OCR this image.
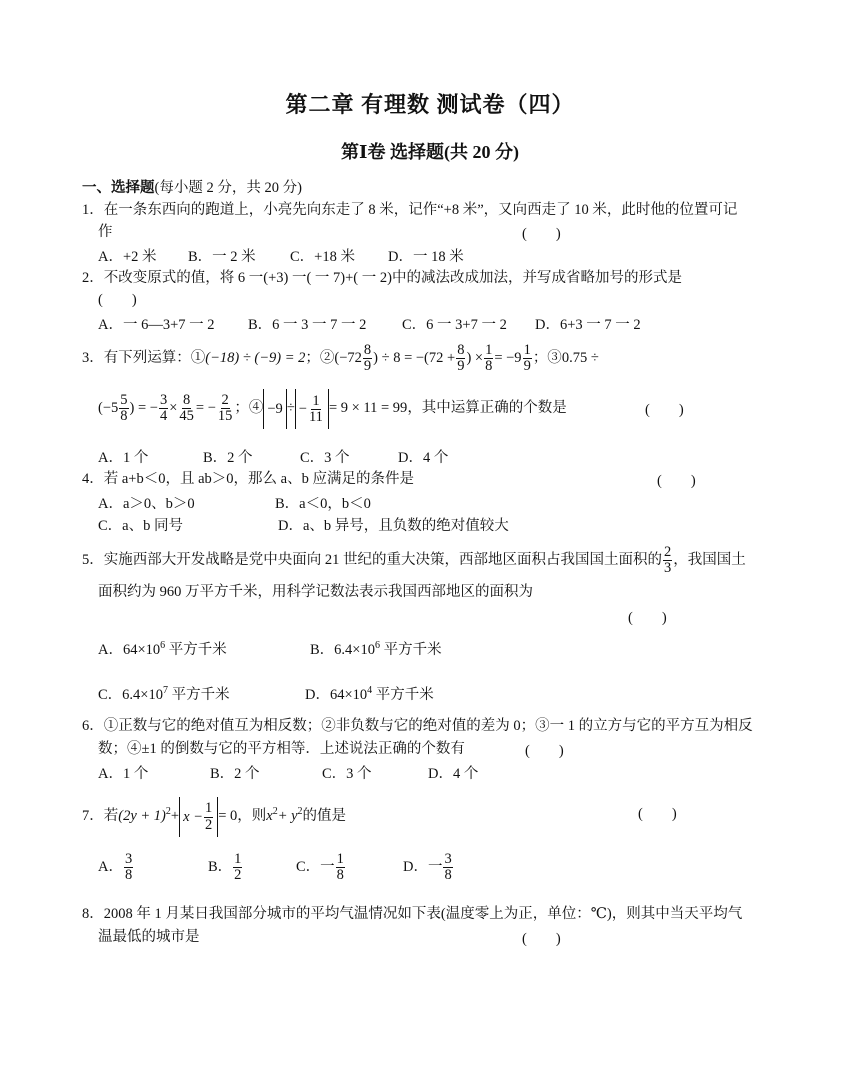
第二章 有理数 测试卷（四）
第Ⅰ卷 选择题(共 20 分)
一、选择题(每小题 2 分，共 20 分)
1．在一条东西向的跑道上，小亮先向东走了 8 米，记作“+8 米”，又向西走了 10 米，此时他的位置可记
作	(　　)
A．+2 米 B．一 2 米 C．+18 米 D．一 18 米
2．不改变原式的值，将 6 一(+3) 一( 一 7)+( 一 2)中的减法改成加法，并写成省略加号的形式是
(　　)
A．一 6—3+7 一 2 B．6 一 3 一 7 一 2 C．6 一 3+7 一 2 D．6+3 一 7 一 2
3．有下列运算：①(−18) ÷ (−9) = 2；②(−72 $\frac{8}{9}$ ) ÷ $8 = -(72 + \frac{8}{9}$ ) × $\frac{1}{8} = -9 \frac{1}{9}$ ；③0.75 ÷
($-5 \frac{5}{8}$ ) = − $\frac{3}{4} \times \frac{8}{45}$ = − $\frac{2}{15}$ ；④ −9 ÷ − $\frac{1}{11} = 9 \times 11 = 99$，其中运算正确的个数是	(　　)
A．1 个	B．2 个	C．3 个	D．4 个
4．若 a+b＜0，且 ab＞0，那么 a、b 应满足的条件是	(　　)
A．a＞0、b＞0	B．a＜0，b＜0
C．a、b 同号	D．a、b 异号，且负数的绝对值较大
5．实施西部大开发战略是党中央面向 21 世纪的重大决策，西部地区面积占我国国土面积的 $\frac{2}{3}$ ，我国国土
面积约为 960 万平方千米，用科学记数法表示我国西部地区的面积为
(　　)
A．$64\times 10^6$ 平方千米	B．$6.4\times 10^6$ 平方千米
C．$6.4\times 10^7$ 平方千米	D．$64\times 10^4$ 平方千米
6．①正数与它的绝对值互为相反数；②非负数与它的绝对值的差为 0；③一 1 的立方与它的平方互为相反
数；④±1 的倒数与它的平方相等．上述说法正确的个数有	(　　)
A．1 个	B．2 个	C．3 个	D．4 个
7．若$(2y + 1)^2+ x - \frac{1}{2} = 0$，则$x^2+ y^2$的值是	(　　)
A． $\frac{3}{8}$	B． $\frac{1}{2}$	C．一 $\frac{1}{8}$	D．一 $\frac{3}{8}$
8．2008 年 1 月某日我国部分城市的平均气温情况如下表(温度零上为正，单位：℃)，则其中当天平均气
温最低的城市是	(　　)
